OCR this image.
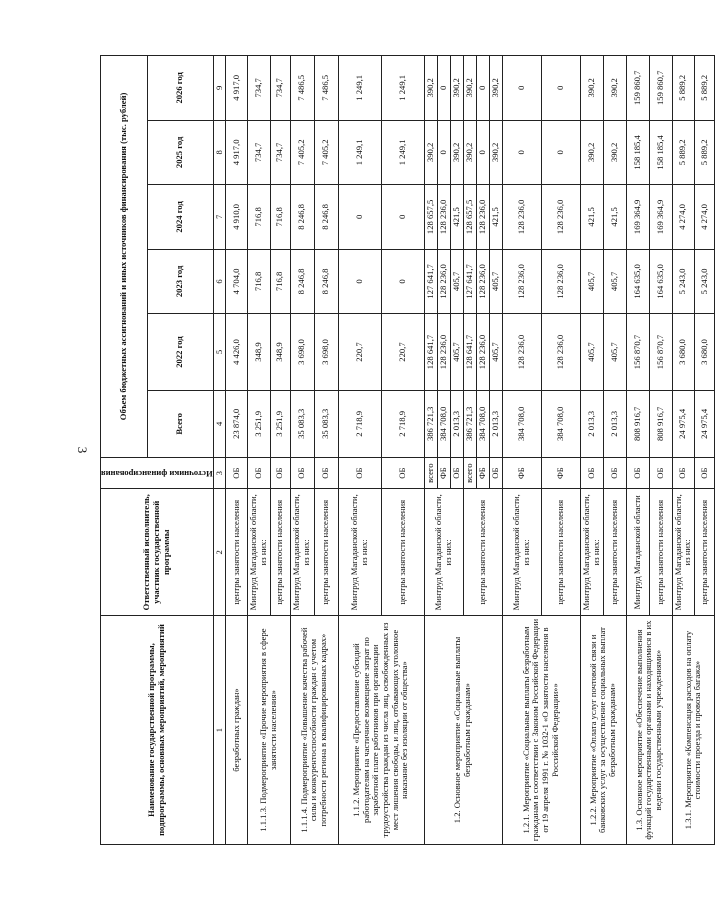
3
Наименование государственной программы, подпрограммы, основных мероприятий, мероприятий	Ответственный исполнитель, участник государственной программы	Источники финансирования	Объем бюджетных ассигнований и иных источников финансирования (тыс. рублей)					
			Всего	2022 год	2023 год	2024 год	2025 год	2026 год
1	2	3	4	5	6	7	8	9
безработных граждан»	центры занятости населения	ОБ	23 874,0	4 426,0	4 704,0	4 910,0	4 917,0	4 917,0
1.1.1.3. Подмероприятие «Прочие мероприятия в сфере занятости населения»	Минтруд Магаданской области, из них:	ОБ	3 251,9	348,9	716,8	716,8	734,7	734,7
	центры занятости населения	ОБ	3 251,9	348,9	716,8	716,8	734,7	734,7
1.1.1.4. Подмероприятие «Повышение качества рабочей силы и конкурентоспособности граждан с учетом потребности региона в квалифицированных кадрах»	Минтруд Магаданской области, из них:	ОБ	35 083,3	3 698,0	8 246,8	8 246,8	7 405,2	7 486,5
	центры занятости населения	ОБ	35 083,3	3 698,0	8 246,8	8 246,8	7 405,2	7 486,5
1.1.2. Мероприятие «Предоставление субсидий работодателям на частичное возмещение затрат по заработной плате работников при организации трудоустройства граждан из числа лиц, освобожденных из мест лишения свободы, и лиц, отбывающих уголовное наказание без изоляции от общества»	Минтруд Магаданской области, из них:	ОБ	2 718,9	220,7	0	0	1 249,1	1 249,1
	центры занятости населения	ОБ	2 718,9	220,7	0	0	1 249,1	1 249,1
1.2. Основное мероприятие «Социальные выплаты безработным гражданам»	Минтруд Магаданской области, из них:	всего	386 721,3	128 641,7	127 641,7	128 657,5	390,2	390,2
		ФБ	384 708,0	128 236,0	128 236,0	128 236,0	0	0
		ОБ	2 013,3	405,7	405,7	421,5	390,2	390,2
	центры занятости населения	всего	386 721,3	128 641,7	127 641,7	128 657,5	390,2	390,2
		ФБ	384 708,0	128 236,0	128 236,0	128 236,0	0	0
		ОБ	2 013,3	405,7	405,7	421,5	390,2	390,2
1.2.1. Мероприятие «Социальные выплаты безработным гражданам в соответствии с Законом Российской Федерации от 19 апреля 1991 г. № 1032-1 «О занятости населения в Российской Федерации»»	Минтруд Магаданской области, из них:	ФБ	384 708,0	128 236,0	128 236,0	128 236,0	0	0
	центры занятости населения	ФБ	384 708,0	128 236,0	128 236,0	128 236,0	0	0
1.2.2. Мероприятие «Оплата услуг почтовой связи и банковских услуг за осуществление социальных выплат безработным гражданам»	Минтруд Магаданской области, из них:	ОБ	2 013,3	405,7	405,7	421,5	390,2	390,2
	центры занятости населения	ОБ	2 013,3	405,7	405,7	421,5	390,2	390,2
1.3. Основное мероприятие «Обеспечение выполнения функций государственными органами и находящимися в их ведении государственными учреждениями»	Минтруд Магаданской области	ОБ	808 916,7	156 870,7	164 635,0	169 364,9	158 185,4	159 860,7
	центры занятости населения	ОБ	808 916,7	156 870,7	164 635,0	169 364,9	158 185,4	159 860,7
1.3.1. Мероприятие «Компенсация расходов на оплату стоимости проезда и провоза багажа»	Минтруд Магаданской области, из них:	ОБ	24 975,4	3 680,0	5 243,0	4 274,0	5 889,2	5 889,2
	центры занятости населения	ОБ	24 975,4	3 680,0	5 243,0	4 274,0	5 889,2	5 889,2
